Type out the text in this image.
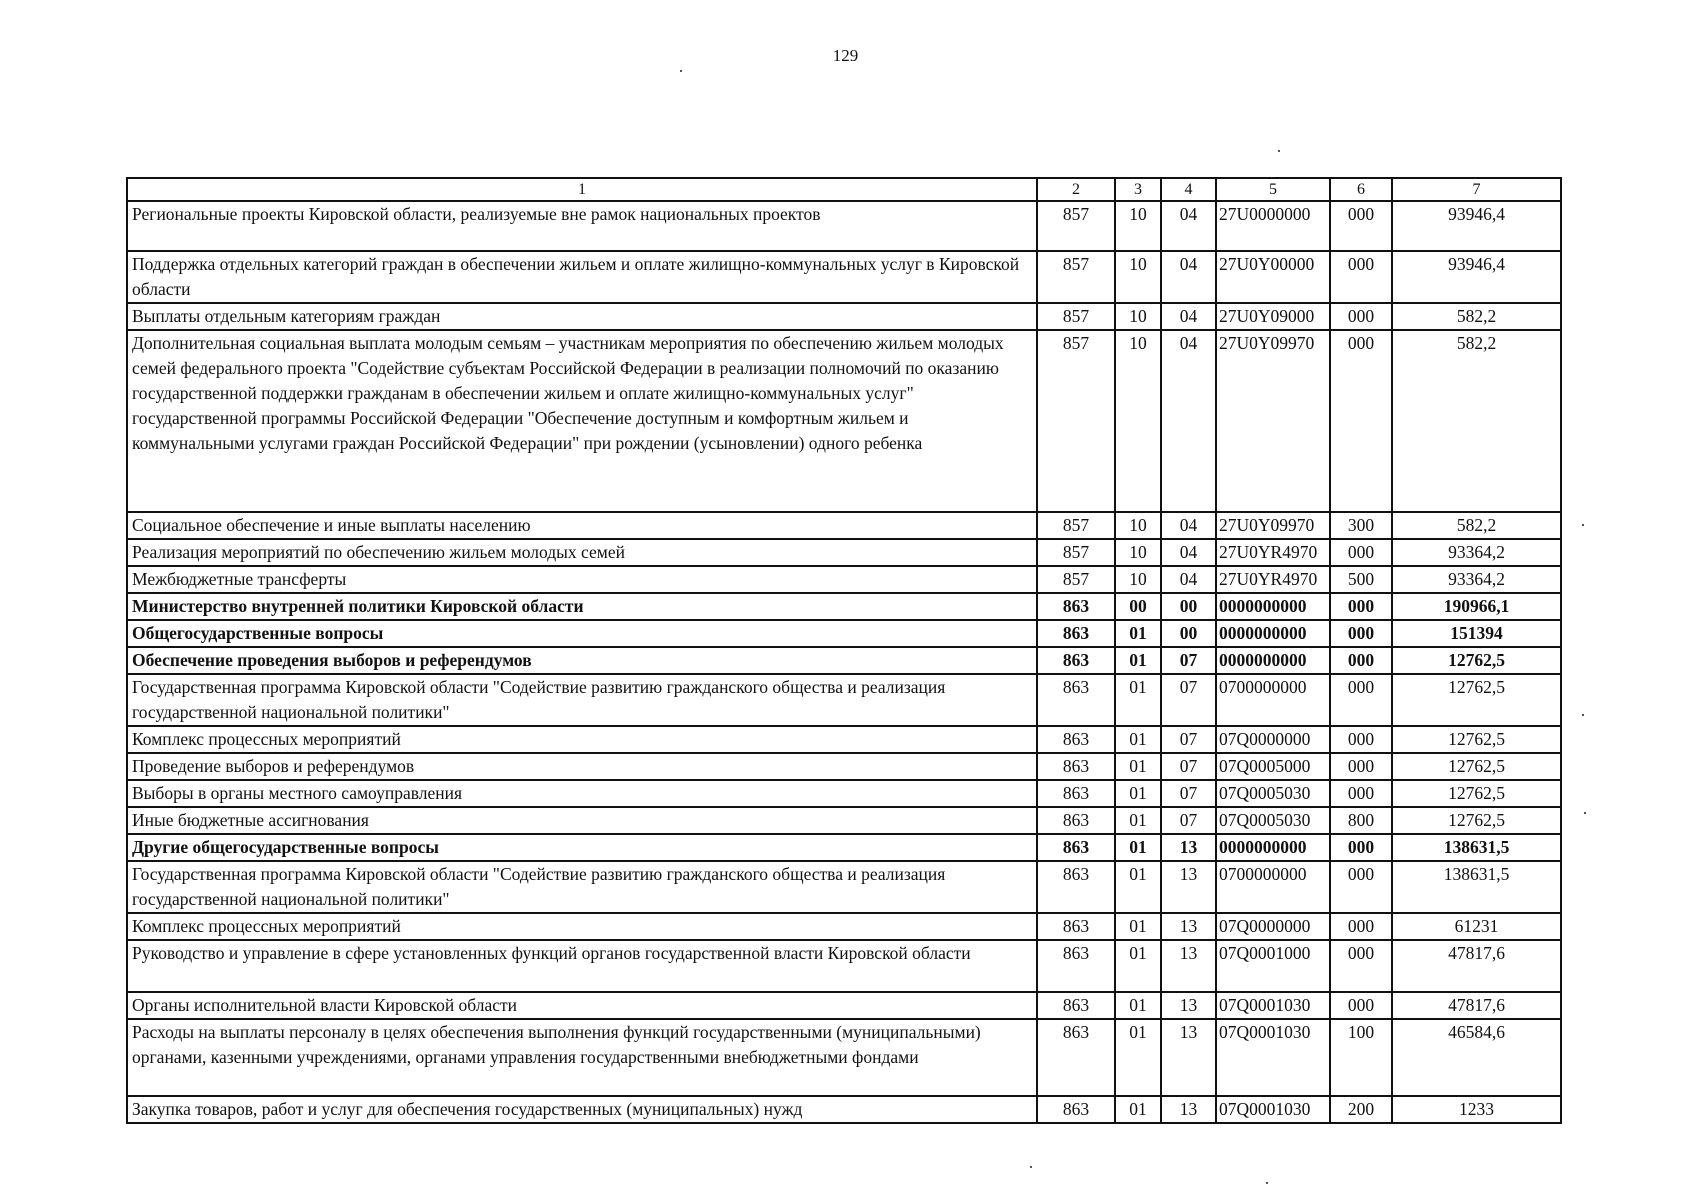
129
1	2	3	4	5	6	7
Региональные проекты Кировской области, реализуемые вне рамок национальных проектов	857	10	04	27U0000000	000	93946,4
Поддержка отдельных категорий граждан в обеспечении жильем и оплате жилищно-коммунальных услуг в Кировской области	857	10	04	27U0Y00000	000	93946,4
Выплаты отдельным категориям граждан	857	10	04	27U0Y09000	000	582,2
Дополнительная социальная выплата молодым семьям – участникам мероприятия по обеспечению жильем молодых семей федерального проекта "Содействие субъектам Российской Федерации в реализации полномочий по оказанию государственной поддержки гражданам в обеспечении жильем и оплате жилищно-коммунальных услуг" государственной программы Российской Федерации "Обеспечение доступным и комфортным жильем и коммунальными услугами граждан Российской Федерации" при рождении (усыновлении) одного ребенка	857	10	04	27U0Y09970	000	582,2
Социальное обеспечение и иные выплаты населению	857	10	04	27U0Y09970	300	582,2
Реализация мероприятий по обеспечению жильем молодых семей	857	10	04	27U0YR4970	000	93364,2
Межбюджетные трансферты	857	10	04	27U0YR4970	500	93364,2
Министерство внутренней политики Кировской области	863	00	00	0000000000	000	190966,1
Общегосударственные вопросы	863	01	00	0000000000	000	151394
Обеспечение проведения выборов и референдумов	863	01	07	0000000000	000	12762,5
Государственная программа Кировской области "Содействие развитию гражданского общества и реализация государственной национальной политики"	863	01	07	0700000000	000	12762,5
Комплекс процессных мероприятий	863	01	07	07Q0000000	000	12762,5
Проведение выборов и референдумов	863	01	07	07Q0005000	000	12762,5
Выборы в органы местного самоуправления	863	01	07	07Q0005030	000	12762,5
Иные бюджетные ассигнования	863	01	07	07Q0005030	800	12762,5
Другие общегосударственные вопросы	863	01	13	0000000000	000	138631,5
Государственная программа Кировской области "Содействие развитию гражданского общества и реализация государственной национальной политики"	863	01	13	0700000000	000	138631,5
Комплекс процессных мероприятий	863	01	13	07Q0000000	000	61231
Руководство и управление в сфере установленных функций органов государственной власти Кировской области	863	01	13	07Q0001000	000	47817,6
Органы исполнительной власти Кировской области	863	01	13	07Q0001030	000	47817,6
Расходы на выплаты персоналу в целях обеспечения выполнения функций государственными (муниципальными) органами, казенными учреждениями, органами управления государственными внебюджетными фондами	863	01	13	07Q0001030	100	46584,6
Закупка товаров, работ и услуг для обеспечения государственных (муниципальных) нужд	863	01	13	07Q0001030	200	1233
